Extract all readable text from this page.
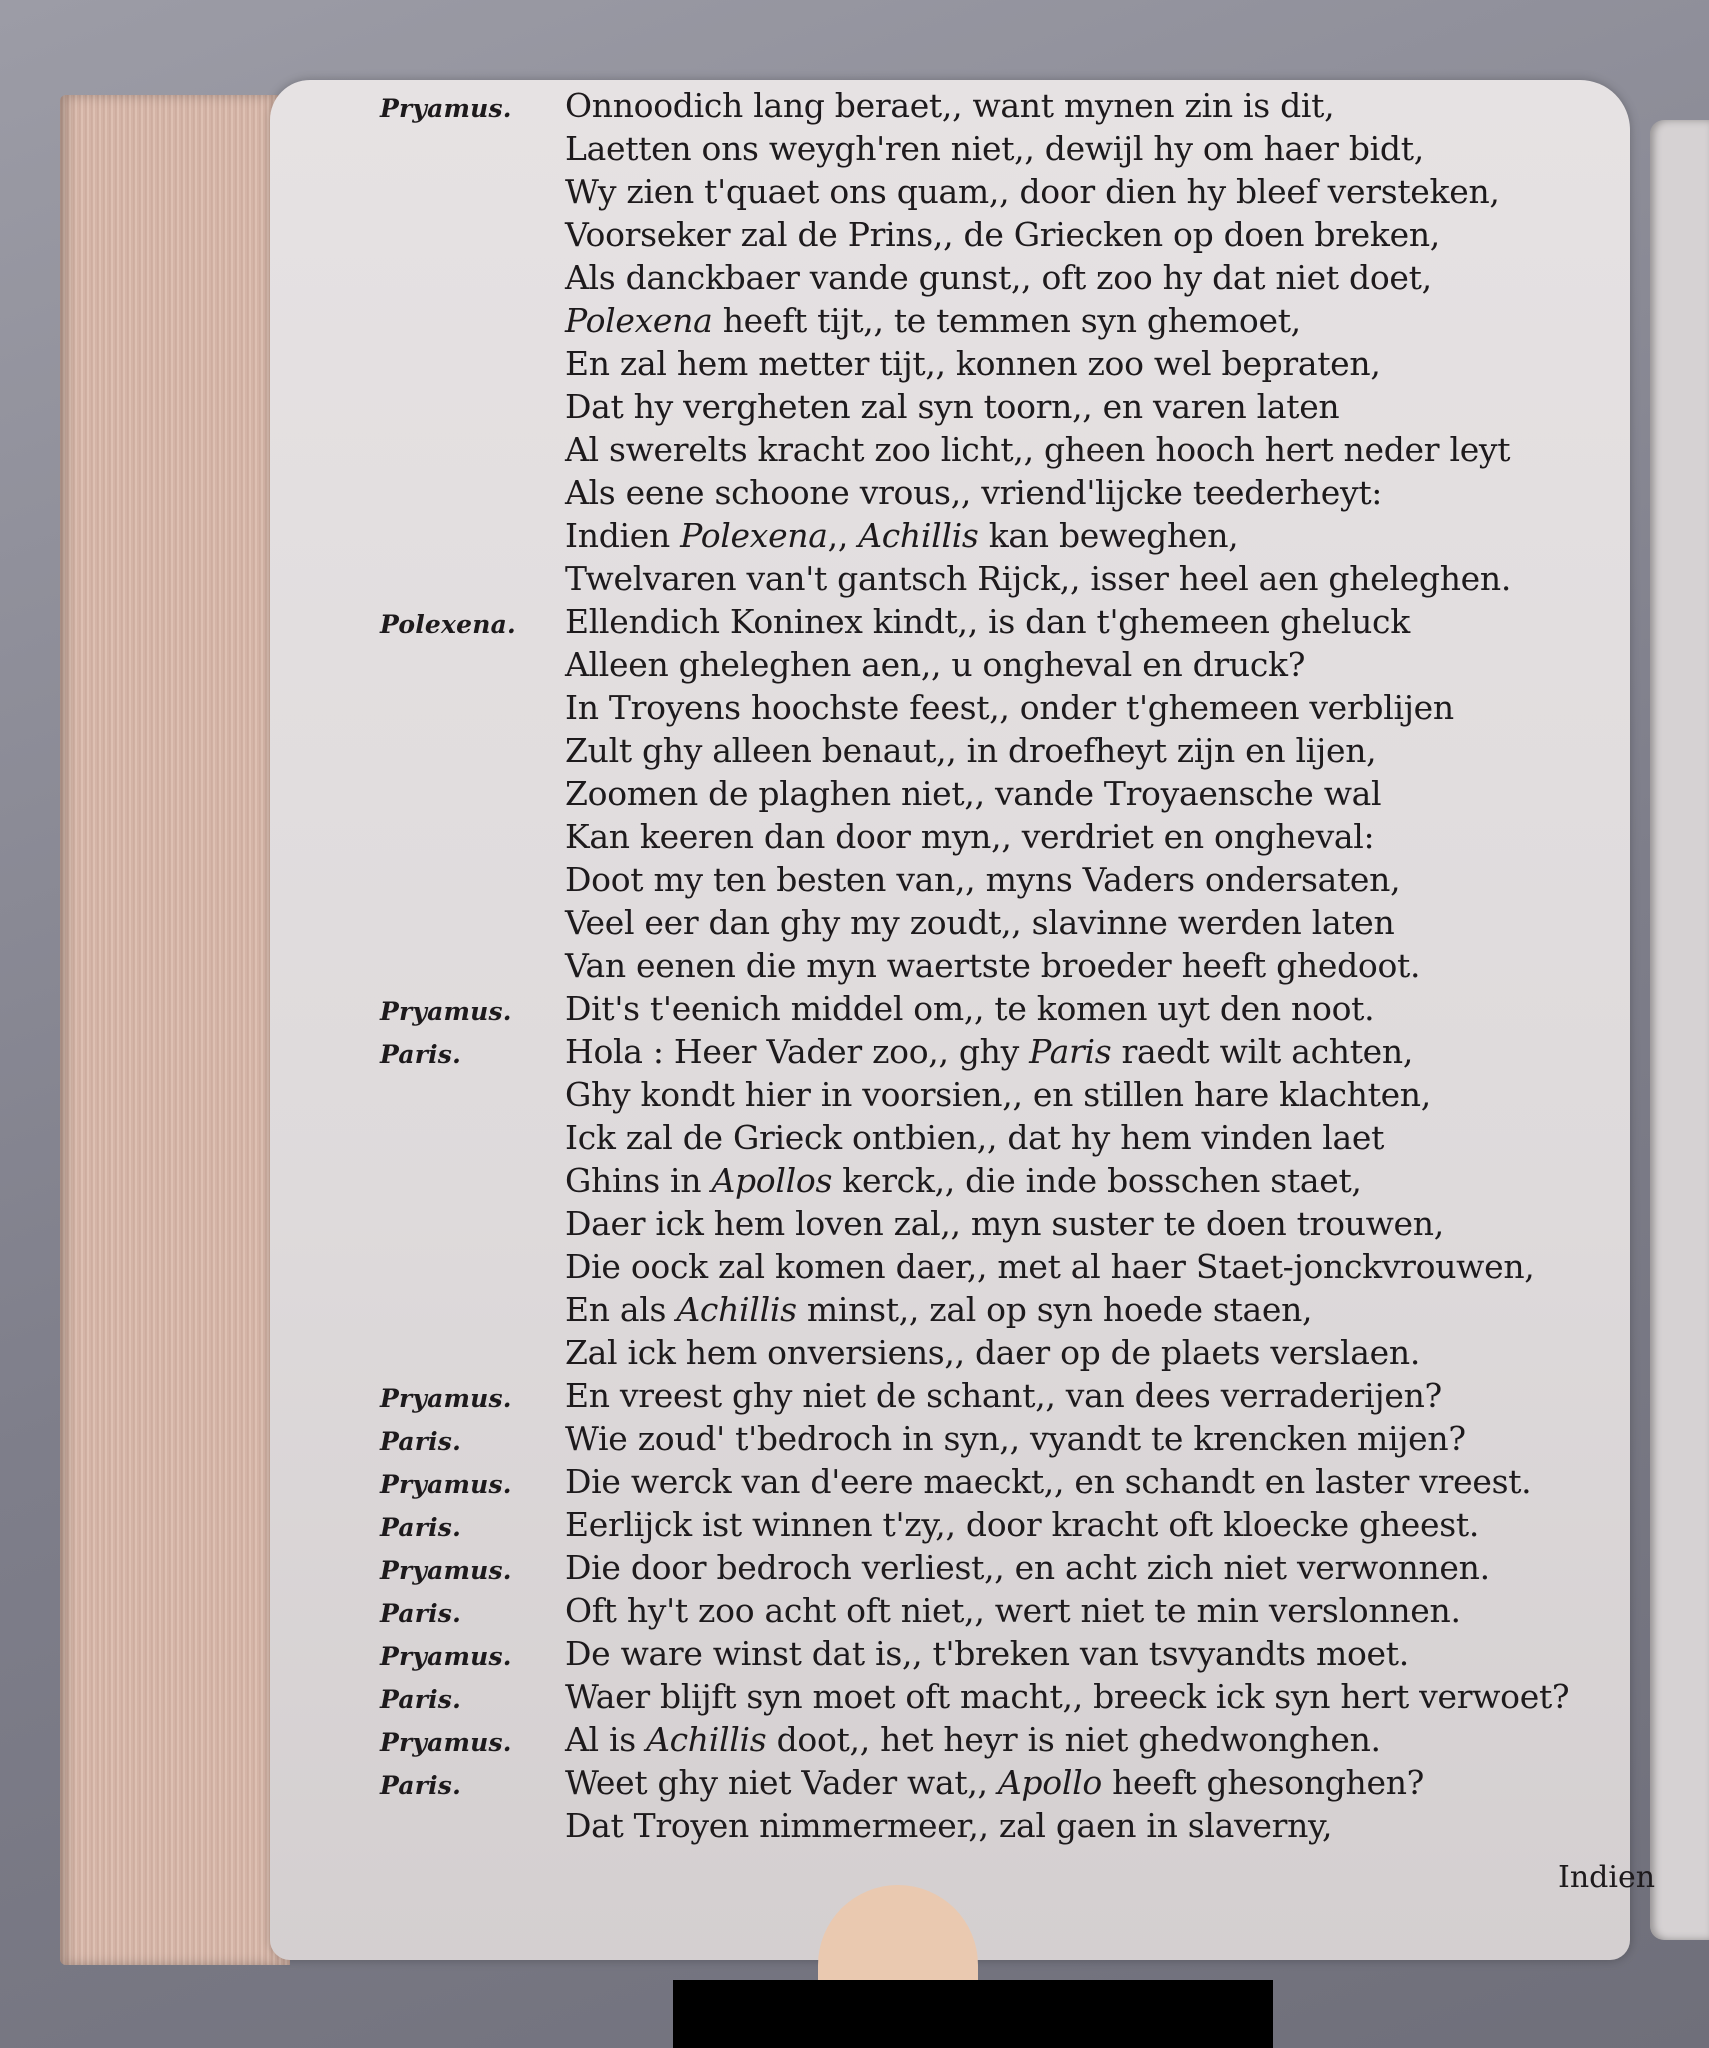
Pryamus.	Onnoodich lang beraet,, want mynen zin is dit,
Laetten ons weygh'ren niet,, dewijl hy om haer bidt,
Wy zien t'quaet ons quam,, door dien hy bleef versteken,
Voorseker zal de Prins,, de Griecken op doen breken,
Als danckbaer vande gunst,, oft zoo hy dat niet doet,
Polexena heeft tijt,, te temmen syn ghemoet,
En zal hem metter tijt,, konnen zoo wel bepraten,
Dat hy vergheten zal syn toorn,, en varen laten
Al swerelts kracht zoo licht,, gheen hooch hert neder leyt
Als eene schoone vrous,, vriend'lijcke teederheyt:
Indien Polexena,, Achillis kan beweghen,
Twelvaren van't gantsch Rijck,, isser heel aen gheleghen.
Polexena.	Ellendich Koninex kindt,, is dan t'ghemeen gheluck
Alleen gheleghen aen,, u ongheval en druck?
In Troyens hoochste feest,, onder t'ghemeen verblijen
Zult ghy alleen benaut,, in droefheyt zijn en lijen,
Zoomen de plaghen niet,, vande Troyaensche wal
Kan keeren dan door myn,, verdriet en ongheval:
Doot my ten besten van,, myns Vaders ondersaten,
Veel eer dan ghy my zoudt,, slavinne werden laten
Van eenen die myn waertste broeder heeft ghedoot.
Pryamus.	Dit's t'eenich middel om,, te komen uyt den noot.
Paris.	Hola : Heer Vader zoo,, ghy Paris raedt wilt achten,
Ghy kondt hier in voorsien,, en stillen hare klachten,
Ick zal de Grieck ontbien,, dat hy hem vinden laet
Ghins in Apollos kerck,, die inde bosschen staet,
Daer ick hem loven zal,, myn suster te doen trouwen,
Die oock zal komen daer,, met al haer Staet-jonckvrouwen,
En als Achillis minst,, zal op syn hoede staen,
Zal ick hem onversiens,, daer op de plaets verslaen.
Pryamus.	En vreest ghy niet de schant,, van dees verraderijen?
Paris.	Wie zoud' t'bedroch in syn,, vyandt te krencken mijen?
Pryamus.	Die werck van d'eere maeckt,, en schandt en laster vreest.
Paris.	Eerlijck ist winnen t'zy,, door kracht oft kloecke gheest.
Pryamus.	Die door bedroch verliest,, en acht zich niet verwonnen.
Paris.	Oft hy't zoo acht oft niet,, wert niet te min verslonnen.
Pryamus.	De ware winst dat is,, t'breken van tsvyandts moet.
Paris.	Waer blijft syn moet oft macht,, breeck ick syn hert verwoet?
Pryamus.	Al is Achillis doot,, het heyr is niet ghedwonghen.
Paris.	Weet ghy niet Vader wat,, Apollo heeft ghesonghen?
Dat Troyen nimmermeer,, zal gaen in slaverny,
Indien
